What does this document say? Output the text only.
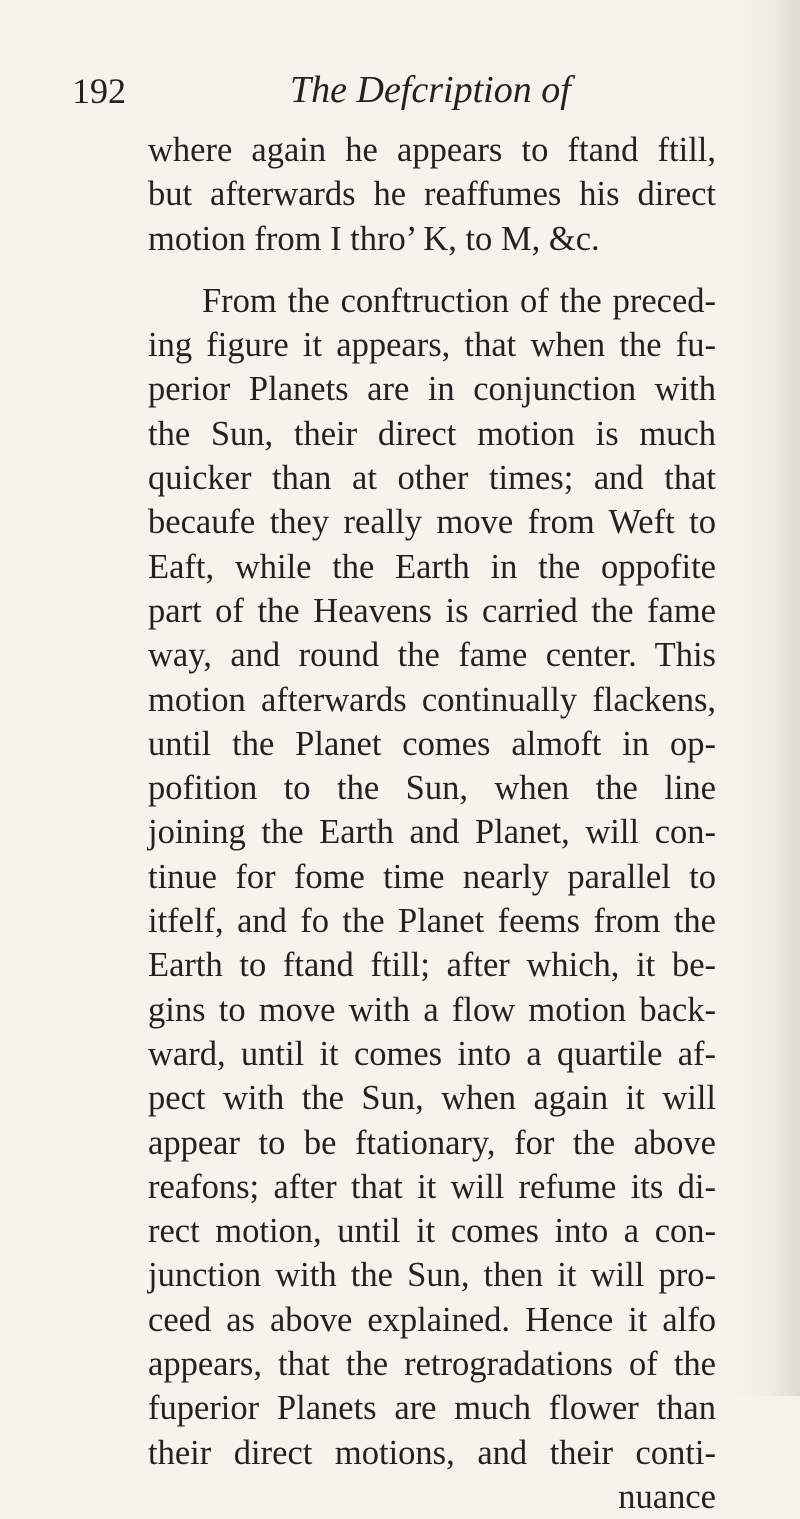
192	The Defcription of
where again he appears to ftand ftill,
but afterwards he reaffumes his direct
motion from I thro’ K, to M, &c.
From the conftruction of the preced-
ing figure it appears, that when the fu-
perior Planets are in conjunction with
the Sun, their direct motion is much
quicker than at other times; and that
becaufe they really move from Weft to
Eaft, while the Earth in the oppofite
part of the Heavens is carried the fame
way, and round the fame center. This
motion afterwards continually flackens,
until the Planet comes almoft in op-
pofition to the Sun, when the line
joining the Earth and Planet, will con-
tinue for fome time nearly parallel to
itfelf, and fo the Planet feems from the
Earth to ftand ftill; after which, it be-
gins to move with a flow motion back-
ward, until it comes into a quartile af-
pect with the Sun, when again it will
appear to be ftationary, for the above
reafons; after that it will refume its di-
rect motion, until it comes into a con-
junction with the Sun, then it will pro-
ceed as above explained. Hence it alfo
appears, that the retrogradations of the
fuperior Planets are much flower than
their direct motions, and their conti-
nuance
